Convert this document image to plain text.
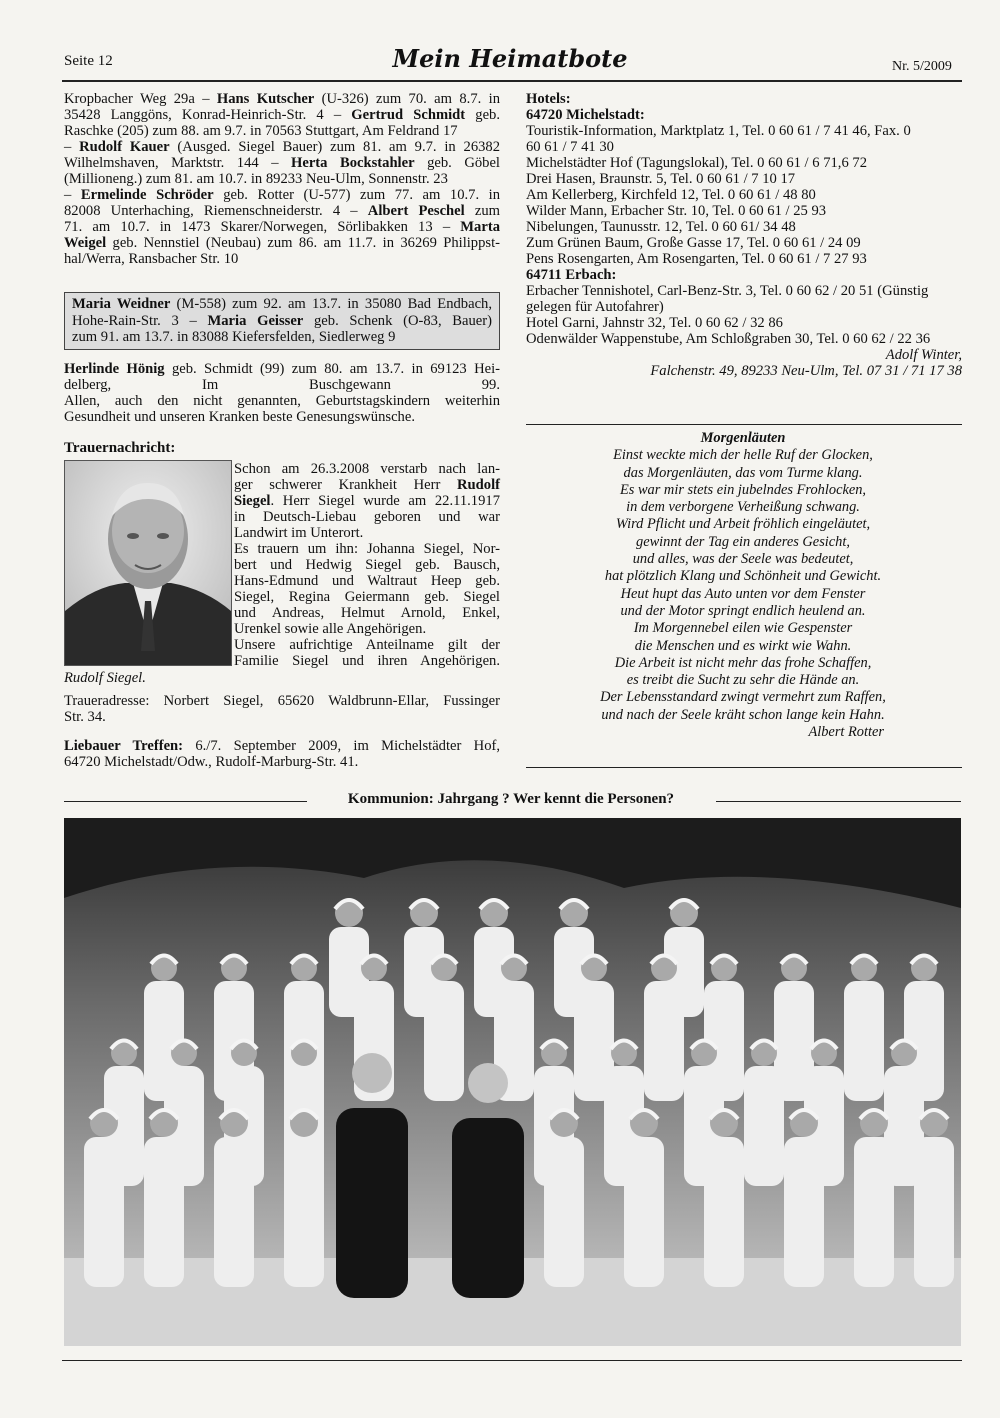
Seite 12	Mein Heimatbote	Nr. 5/2009
Kropbacher Weg 29a – Hans Kutscher (U-326) zum 70. am 8.7. in
35428 Langgöns, Konrad-Heinrich-Str. 4 – Gertrud Schmidt geb.
Raschke (205) zum 88. am 9.7. in 70563 Stuttgart, Am Feldrand 17
– Rudolf Kauer (Ausged. Siegel Bauer) zum 81. am 9.7. in 26382
Wilhelmshaven, Marktstr. 144 – Herta Bockstahler geb. Göbel
(Millioneng.) zum 81. am 10.7. in 89233 Neu-Ulm, Sonnenstr. 23
– Ermelinde Schröder geb. Rotter (U-577) zum 77. am 10.7. in
82008 Unterhaching, Riemenschneiderstr. 4 – Albert Peschel zum
71. am 10.7. in 1473 Skarer/Norwegen, Sörlibakken 13 – Marta
Weigel geb. Nennstiel (Neubau) zum 86. am 11.7. in 36269 Philippst-
hal/Werra, Ransbacher Str. 10
Maria Weidner (M-558) zum 92. am 13.7. in 35080 Bad Endbach,
Hohe-Rain-Str. 3 – Maria Geisser geb. Schenk (O-83, Bauer)
zum 91. am 13.7. in 83088 Kiefersfelden, Siedlerweg 9
Herlinde Hönig geb. Schmidt (99) zum 80. am 13.7. in 69123 Hei-
delberg, Im Buschgewann 99.
Allen, auch den nicht genannten, Geburtstagskindern weiterhin
Gesundheit und unseren Kranken beste Genesungswünsche.
Trauernachricht:
Rudolf Siegel.
Schon am 26.3.2008 verstarb nach lan-
ger schwerer Krankheit Herr Rudolf
Siegel. Herr Siegel wurde am 22.11.1917
in Deutsch-Liebau geboren und war
Landwirt im Unterort.
Es trauern um ihn: Johanna Siegel, Nor-
bert und Hedwig Siegel geb. Bausch,
Hans-Edmund und Waltraut Heep geb.
Siegel, Regina Geiermann geb. Siegel
und Andreas, Helmut Arnold, Enkel,
Urenkel sowie alle Angehörigen.
Unsere aufrichtige Anteilname gilt der
Familie Siegel und ihren Angehörigen.
Traueradresse: Norbert Siegel, 65620 Waldbrunn-Ellar, Fussinger
Str. 34.
Liebauer Treffen: 6./7. September 2009, im Michelstädter Hof,
64720 Michelstadt/Odw., Rudolf-Marburg-Str. 41.
Hotels:
64720 Michelstadt:
Touristik-Information, Marktplatz 1, Tel. 0 60 61 / 7 41 46, Fax. 0
60 61 / 7 41 30
Michelstädter Hof (Tagungslokal), Tel. 0 60 61 / 6 71,6 72
Drei Hasen, Braunstr. 5, Tel. 0 60 61 / 7 10 17
Am Kellerberg, Kirchfeld 12, Tel. 0 60 61 / 48 80
Wilder Mann, Erbacher Str. 10, Tel. 0 60 61 / 25 93
Nibelungen, Taunusstr. 12, Tel. 0 60 61/ 34 48
Zum Grünen Baum, Große Gasse 17, Tel. 0 60 61 / 24 09
Pens Rosengarten, Am Rosengarten, Tel. 0 60 61 / 7 27 93
64711 Erbach:
Erbacher Tennishotel, Carl-Benz-Str. 3, Tel. 0 60 62 / 20 51 (Günstig
gelegen für Autofahrer)
Hotel Garni, Jahnstr 32, Tel. 0 60 62 / 32 86
Odenwälder Wappenstube, Am Schloßgraben 30, Tel. 0 60 62 / 22 36
Adolf Winter,
Falchenstr. 49, 89233 Neu-Ulm, Tel. 07 31 / 71 17 38
Morgenläuten
Einst weckte mich der helle Ruf der Glocken,
das Morgenläuten, das vom Turme klang.
Es war mir stets ein jubelndes Frohlocken,
in dem verborgene Verheißung schwang.
Wird Pflicht und Arbeit fröhlich eingeläutet,
gewinnt der Tag ein anderes Gesicht,
und alles, was der Seele was bedeutet,
hat plötzlich Klang und Schönheit und Gewicht.
Heut hupt das Auto unten vor dem Fenster
und der Motor springt endlich heulend an.
Im Morgennebel eilen wie Gespenster
die Menschen und es wirkt wie Wahn.
Die Arbeit ist nicht mehr das frohe Schaffen,
es treibt die Sucht zu sehr die Hände an.
Der Lebensstandard zwingt vermehrt zum Raffen,
und nach der Seele kräht schon lange kein Hahn.
Albert Rotter
Kommunion: Jahrgang ? Wer kennt die Personen?
